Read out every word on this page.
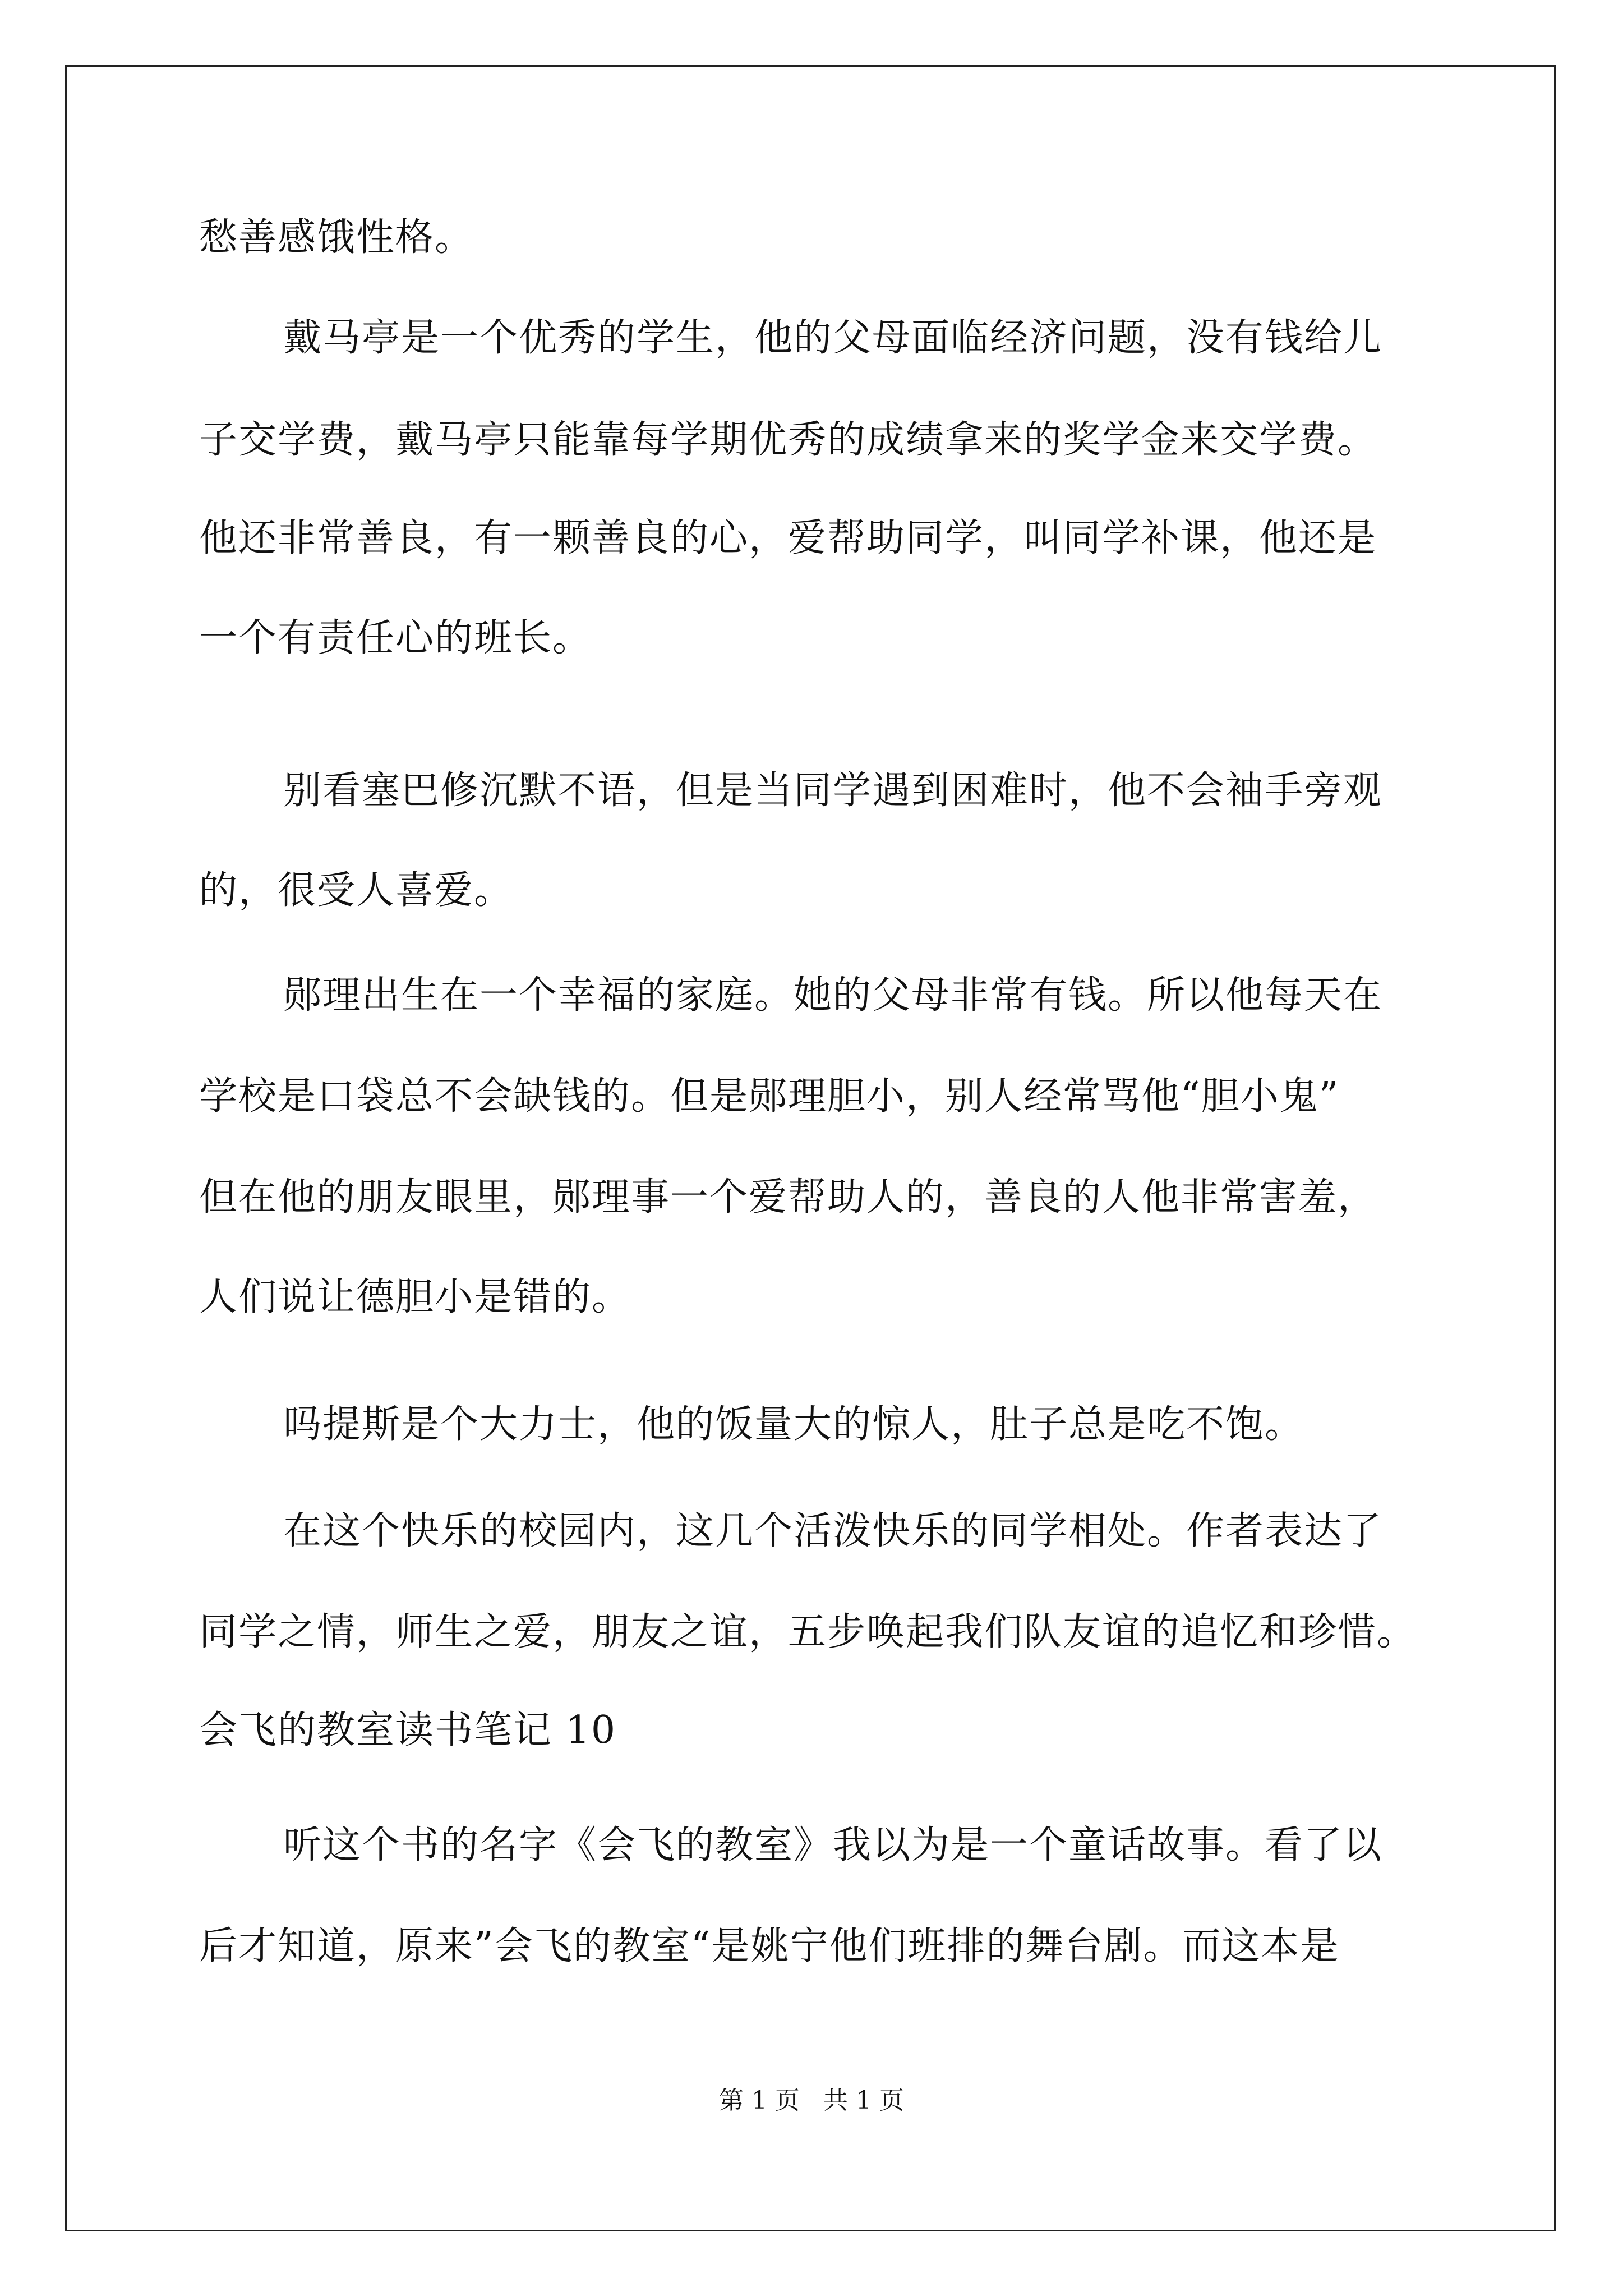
愁善感饿性格。
戴马亭是一个优秀的学生，他的父母面临经济问题，没有钱给儿
子交学费，戴马亭只能靠每学期优秀的成绩拿来的奖学金来交学费。
他还非常善良，有一颗善良的心，爱帮助同学，叫同学补课，他还是
一个有责任心的班长。
别看塞巴修沉默不语，但是当同学遇到困难时，他不会袖手旁观
的，很受人喜爱。
郧理出生在一个幸福的家庭。她的父母非常有钱。所以他每天在
学校是口袋总不会缺钱的。但是郧理胆小，别人经常骂他“胆小鬼”
但在他的朋友眼里，郧理事一个爱帮助人的，善良的人他非常害羞，
人们说让德胆小是错的。
吗提斯是个大力士，他的饭量大的惊人，肚子总是吃不饱。
在这个快乐的校园内，这几个活泼快乐的同学相处。作者表达了
同学之情，师生之爱，朋友之谊，五步唤起我们队友谊的追忆和珍惜。
会飞的教室读书笔记 10
听这个书的名字《会飞的教室》我以为是一个童话故事。看了以
后才知道，原来”会飞的教室“是姚宁他们班排的舞台剧。而这本是
第 1 页   共 1 页
